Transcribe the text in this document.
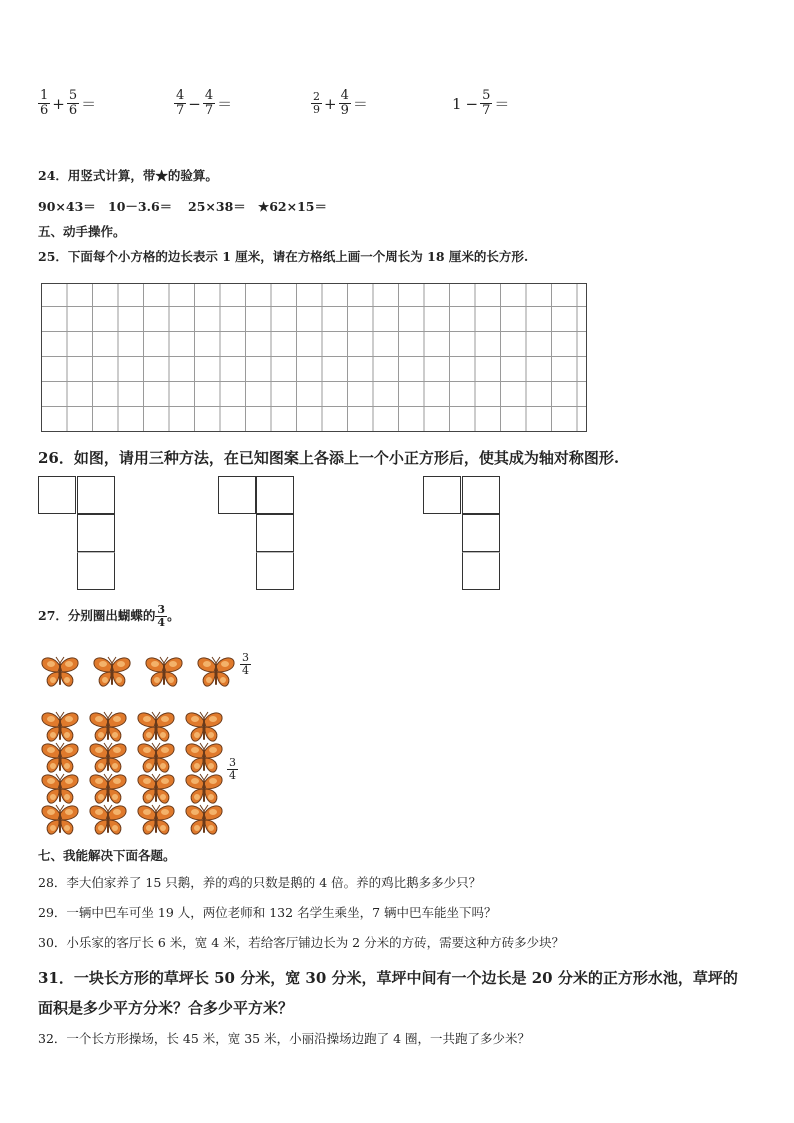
$\frac{1}{6} + \frac{5}{6}$ ＝	$\frac{4}{7} - \frac{4}{7}$ ＝	$\frac{2}{9} + \frac{4}{9}$ ＝	$1 - \frac{5}{7}$ ＝
24．用竖式计算，带★的验算。
90×43＝ 10－3.6＝ 25×38＝ ★62×15＝
五、动手操作。
25．下面每个小方格的边长表示 1 厘米，请在方格纸上画一个周长为 18 厘米的长方形.
26．如图，请用三种方法，在已知图案上各添上一个小正方形后，使其成为轴对称图形.
27．分别圈出蝴蝶的 $\frac{3}{4}$ 。
$\frac{3}{4}$
$\frac{3}{4}$
七、我能解决下面各题。
28．李大伯家养了 15 只鹅，养的鸡的只数是鹅的 4 倍。养的鸡比鹅多多少只？
29．一辆中巴车可坐 19 人，两位老师和 132 名学生乘坐，7 辆中巴车能坐下吗？
30．小乐家的客厅长 6 米，宽 4 米，若给客厅铺边长为 2 分米的方砖，需要这种方砖多少块？
31．一块长方形的草坪长 50 分米，宽 30 分米，草坪中间有一个边长是 20 分米的正方形水池，草坪的
面积是多少平方分米？合多少平方米？
32．一个长方形操场，长 45 米，宽 35 米，小丽沿操场边跑了 4 圈，一共跑了多少米？
